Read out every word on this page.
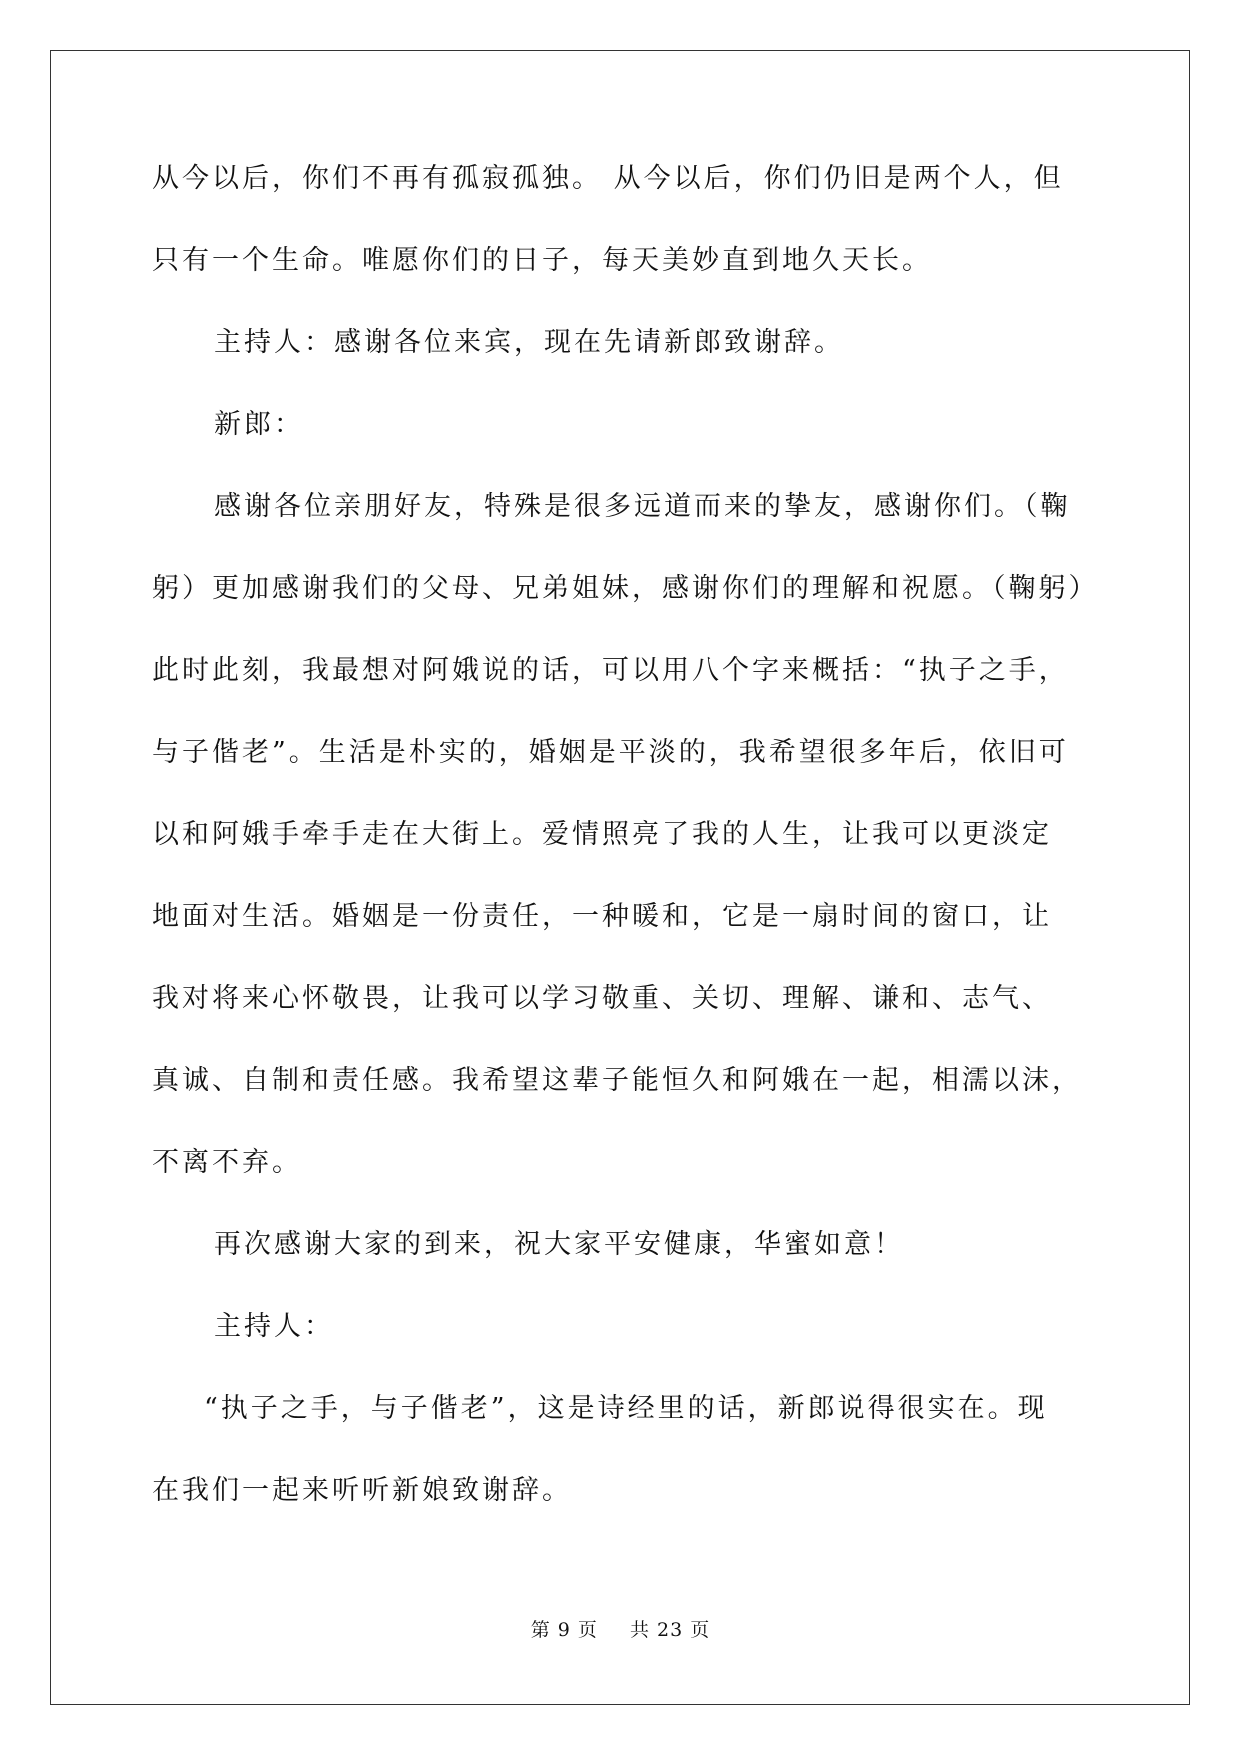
从今以后，你们不再有孤寂孤独。 从今以后，你们仍旧是两个人，但

只有一个生命。唯愿你们的日子，每天美妙直到地久天长。

主持人：感谢各位来宾，现在先请新郎致谢辞。

新郎：

感谢各位亲朋好友，特殊是很多远道而来的挚友，感谢你们。（鞠

躬）更加感谢我们的父母、兄弟姐妹，感谢你们的理解和祝愿。（鞠躬）

此时此刻，我最想对阿娥说的话，可以用八个字来概括：“执子之手，

与子偕老”。生活是朴实的，婚姻是平淡的，我希望很多年后，依旧可

以和阿娥手牵手走在大街上。爱情照亮了我的人生，让我可以更淡定

地面对生活。婚姻是一份责任，一种暖和，它是一扇时间的窗口，让

我对将来心怀敬畏，让我可以学习敬重、关切、理解、谦和、志气、

真诚、自制和责任感。我希望这辈子能恒久和阿娥在一起，相濡以沫，

不离不弃。

再次感谢大家的到来，祝大家平安健康，华蜜如意！

主持人：

“执子之手，与子偕老”，这是诗经里的话，新郎说得很实在。现

在我们一起来听听新娘致谢辞。

第 9 页 共 23 页
